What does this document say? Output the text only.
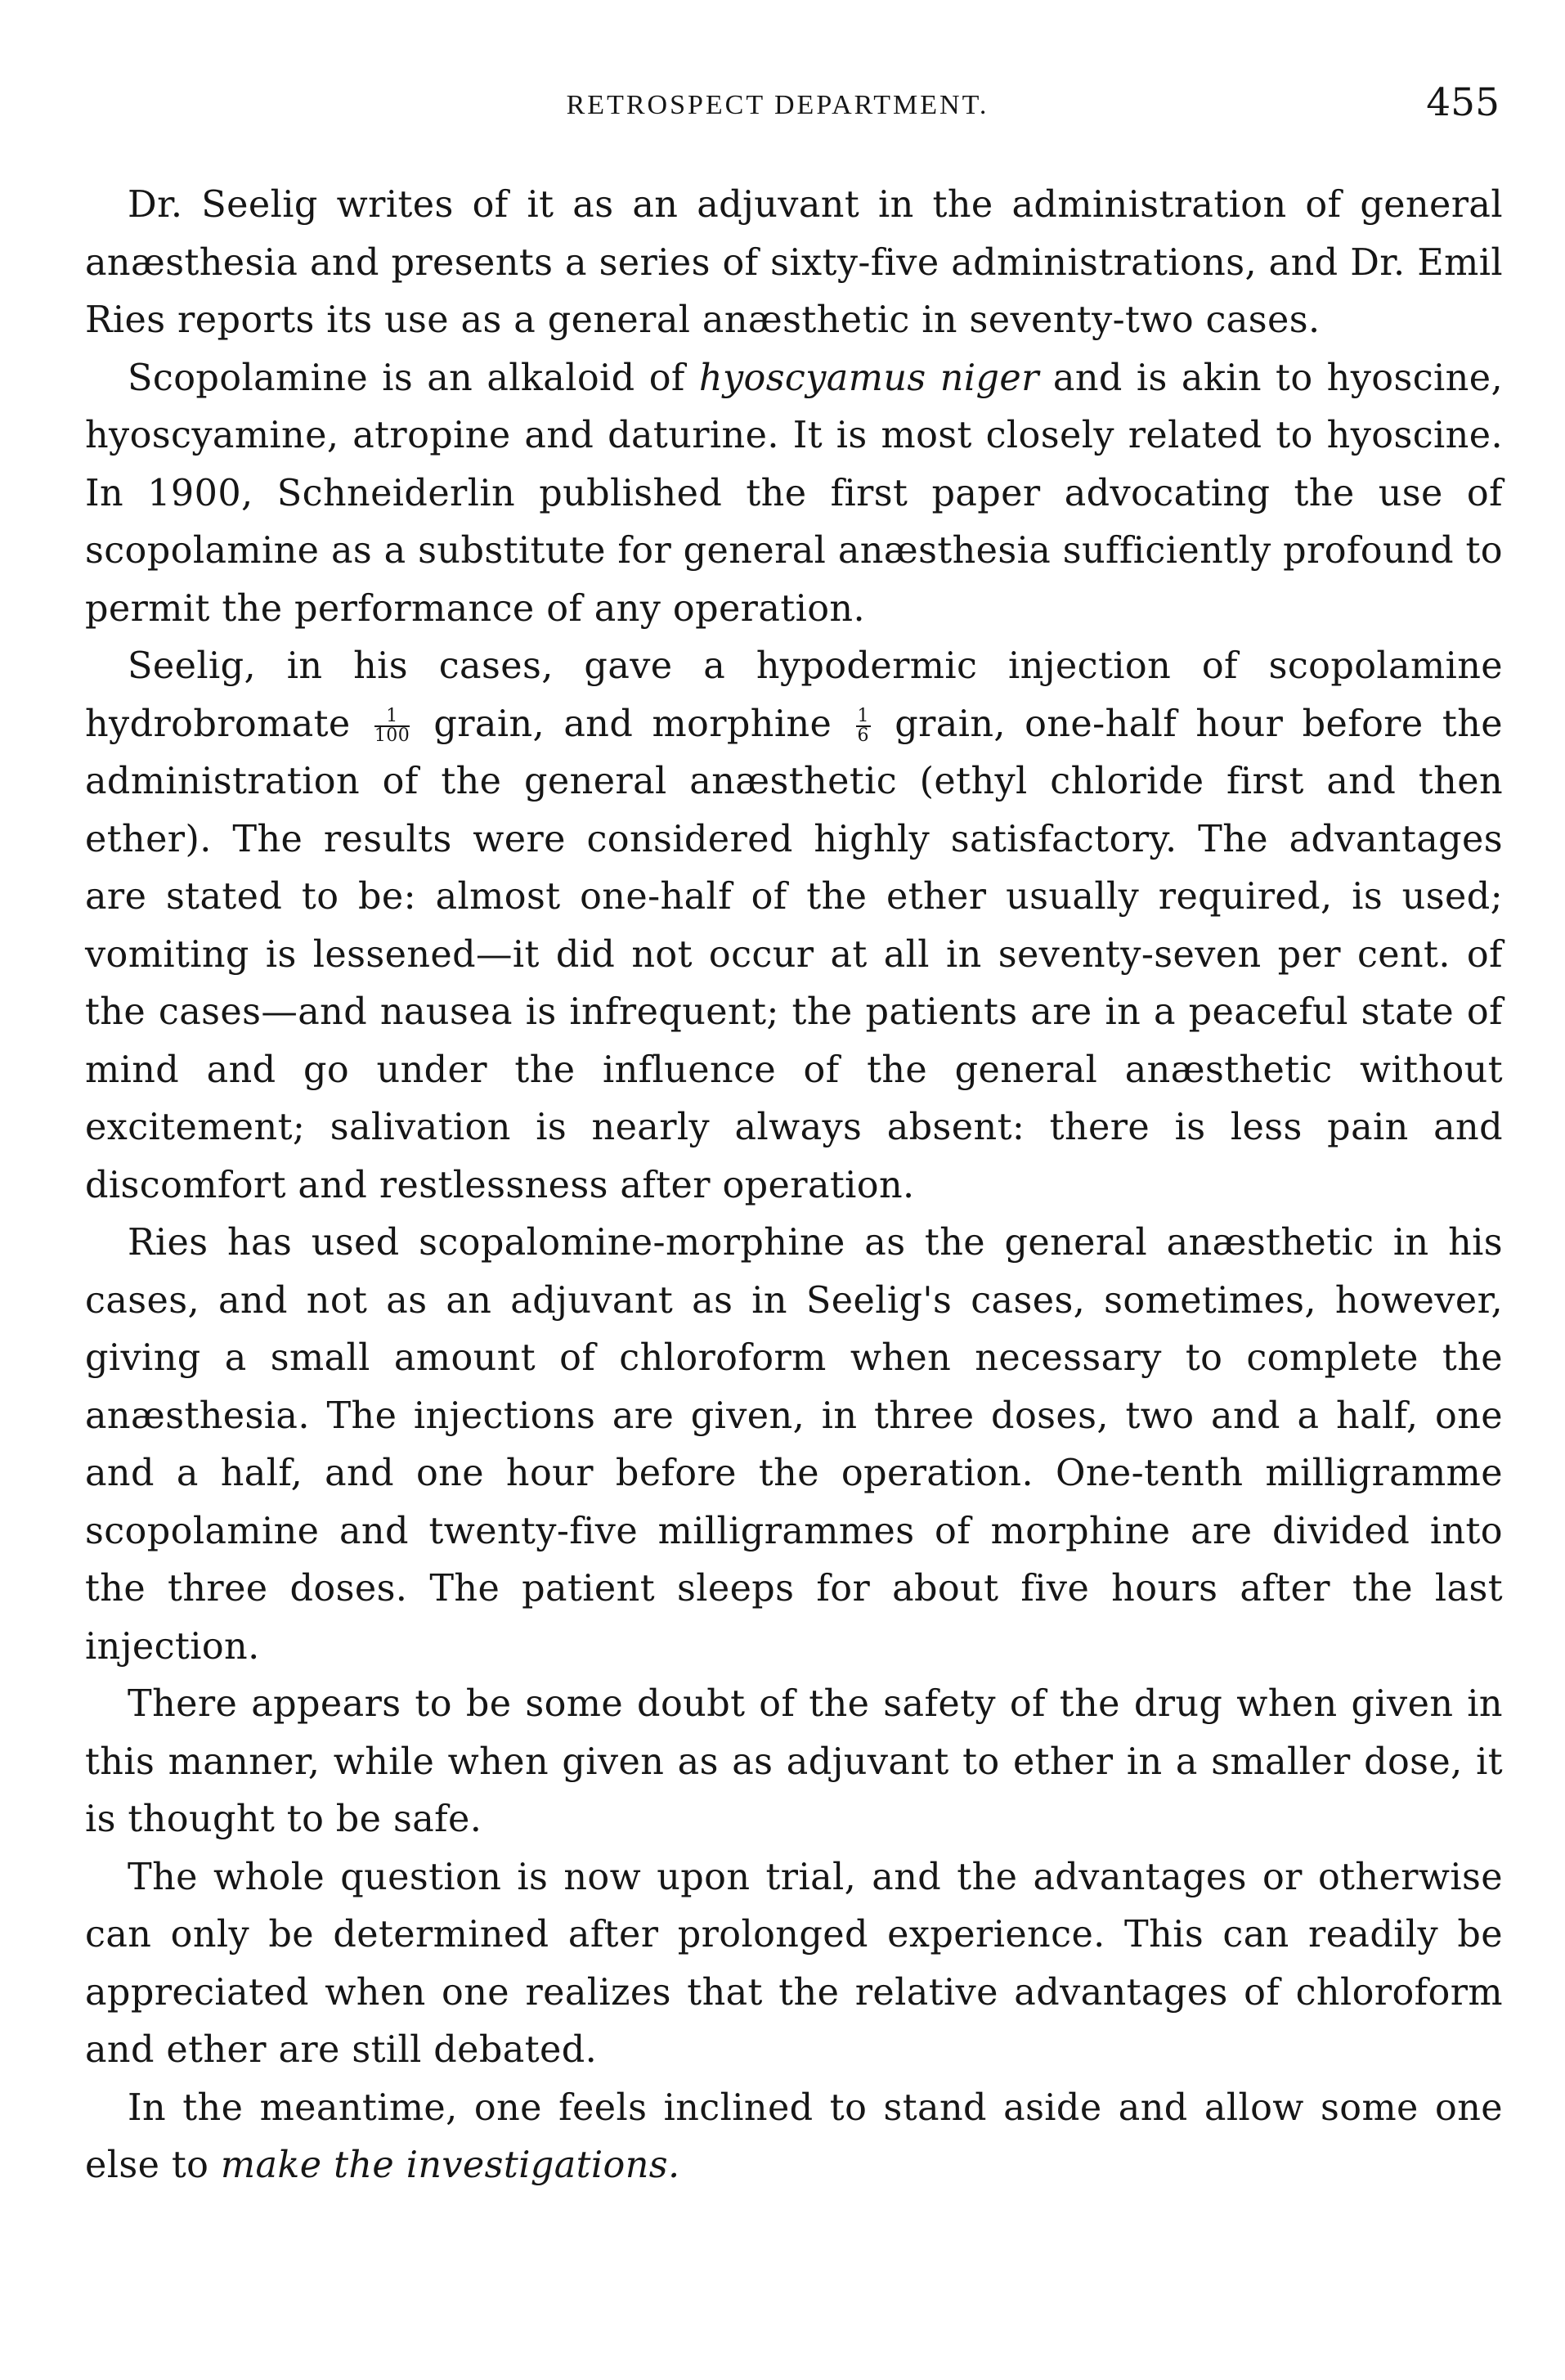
RETROSPECT DEPARTMENT.	455

Dr. Seelig writes of it as an adjuvant in the administration of general anæsthesia and presents a series of sixty-five administrations, and Dr. Emil Ries reports its use as a general anæsthetic in seventy-two cases.

Scopolamine is an alkaloid of hyoscyamus niger and is akin to hyoscine, hyoscyamine, atropine and daturine. It is most closely related to hyoscine. In 1900, Schneiderlin published the first paper advocating the use of scopolamine as a substitute for general anæsthesia sufficiently profound to permit the performance of any operation.

Seelig, in his cases, gave a hypodermic injection of scopolamine hydrobromate $\frac{1}{100}$ grain, and morphine $\frac{1}{6}$ grain, one-half hour before the administration of the general anæsthetic (ethyl chloride first and then ether). The results were considered highly satisfactory. The advantages are stated to be: almost one-half of the ether usually required, is used; vomiting is lessened—it did not occur at all in seventy-seven per cent. of the cases—and nausea is infrequent; the patients are in a peaceful state of mind and go under the influence of the general anæsthetic without excitement; salivation is nearly always absent: there is less pain and discomfort and restlessness after operation.

Ries has used scopalomine-morphine as the general anæsthetic in his cases, and not as an adjuvant as in Seelig's cases, sometimes, however, giving a small amount of chloroform when necessary to complete the anæsthesia. The injections are given, in three doses, two and a half, one and a half, and one hour before the operation. One-tenth milligramme scopolamine and twenty-five milligrammes of morphine are divided into the three doses. The patient sleeps for about five hours after the last injection.

There appears to be some doubt of the safety of the drug when given in this manner, while when given as as adjuvant to ether in a smaller dose, it is thought to be safe.

The whole question is now upon trial, and the advantages or otherwise can only be determined after prolonged experience. This can readily be appreciated when one realizes that the relative advantages of chloroform and ether are still debated.

In the meantime, one feels inclined to stand aside and allow some one else to make the investigations.
